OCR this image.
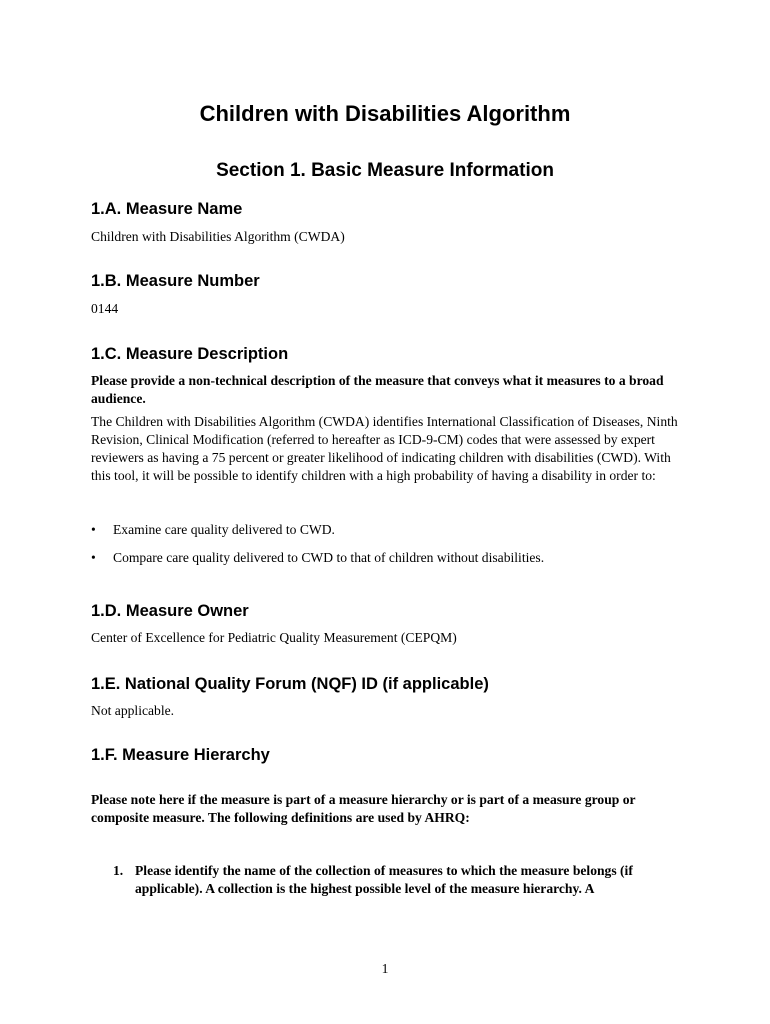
Children with Disabilities Algorithm
Section 1. Basic Measure Information
1.A. Measure Name
Children with Disabilities Algorithm (CWDA)
1.B. Measure Number
0144
1.C. Measure Description
Please provide a non-technical description of the measure that conveys what it measures to a broad audience.
The Children with Disabilities Algorithm (CWDA) identifies International Classification of Diseases, Ninth Revision, Clinical Modification (referred to hereafter as ICD-9-CM) codes that were assessed by expert reviewers as having a 75 percent or greater likelihood of indicating children with disabilities (CWD). With this tool, it will be possible to identify children with a high probability of having a disability in order to:
• Examine care quality delivered to CWD.
• Compare care quality delivered to CWD to that of children without disabilities.
1.D. Measure Owner
Center of Excellence for Pediatric Quality Measurement (CEPQM)
1.E. National Quality Forum (NQF) ID (if applicable)
Not applicable.
1.F. Measure Hierarchy
Please note here if the measure is part of a measure hierarchy or is part of a measure group or composite measure. The following definitions are used by AHRQ:
1. Please identify the name of the collection of measures to which the measure belongs (if applicable). A collection is the highest possible level of the measure hierarchy. A
1
